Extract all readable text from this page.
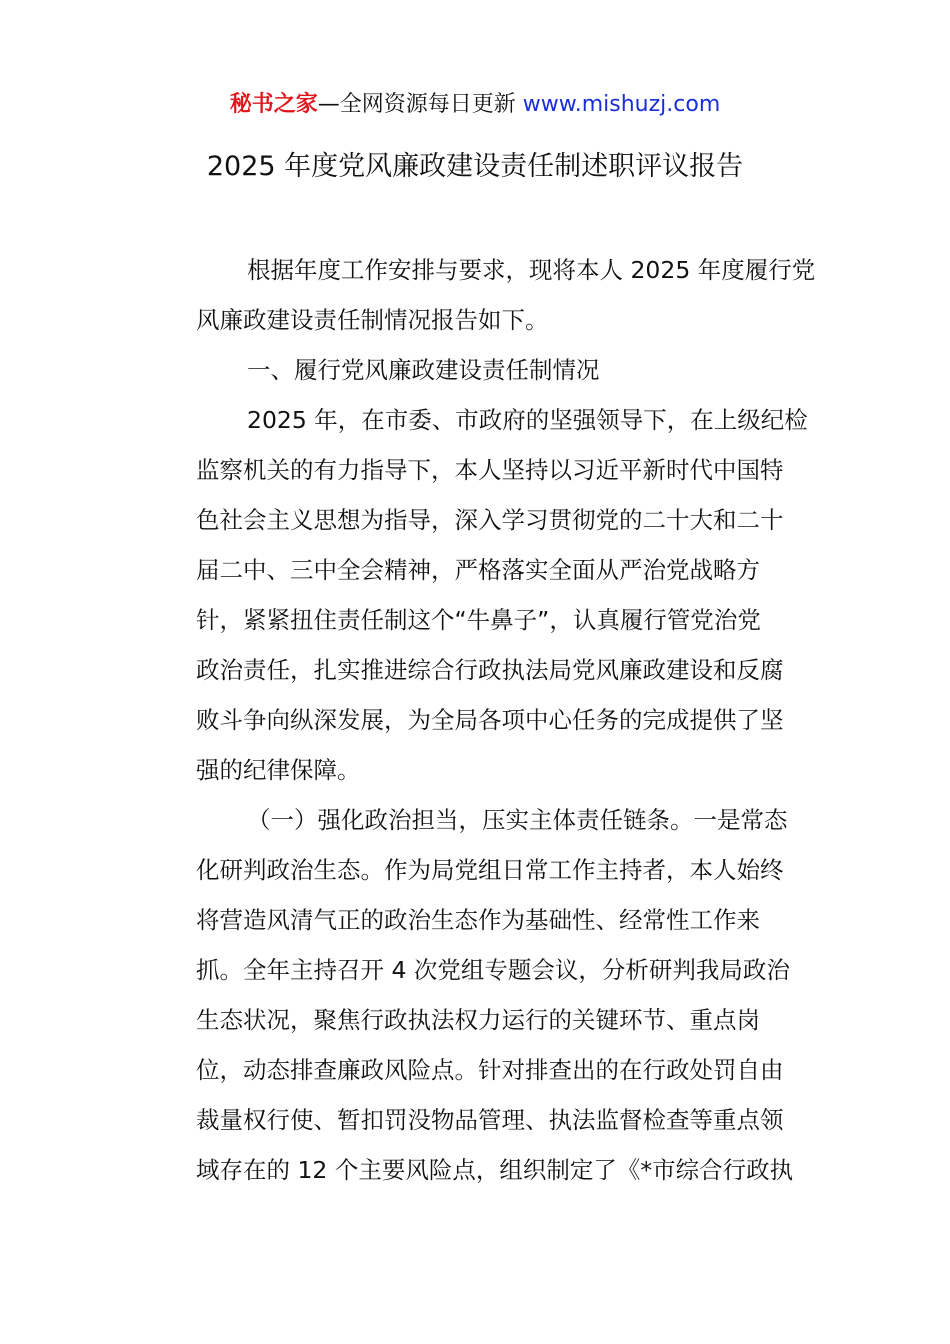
秘书之家—全网资源每日更新 www.mishuzj.com
2025 年度党风廉政建设责任制述职评议报告
根据年度工作安排与要求，现将本人 2025 年度履行党
风廉政建设责任制情况报告如下。
一、履行党风廉政建设责任制情况
2025 年，在市委、市政府的坚强领导下，在上级纪检
监察机关的有力指导下，本人坚持以习近平新时代中国特
色社会主义思想为指导，深入学习贯彻党的二十大和二十
届二中、三中全会精神，严格落实全面从严治党战略方
针，紧紧扭住责任制这个“牛鼻子”，认真履行管党治党
政治责任，扎实推进综合行政执法局党风廉政建设和反腐
败斗争向纵深发展，为全局各项中心任务的完成提供了坚
强的纪律保障。
（一）强化政治担当，压实主体责任链条。一是常态
化研判政治生态。作为局党组日常工作主持者，本人始终
将营造风清气正的政治生态作为基础性、经常性工作来
抓。全年主持召开 4 次党组专题会议，分析研判我局政治
生态状况，聚焦行政执法权力运行的关键环节、重点岗
位，动态排查廉政风险点。针对排查出的在行政处罚自由
裁量权行使、暂扣罚没物品管理、执法监督检查等重点领
域存在的 12 个主要风险点，组织制定了《*市综合行政执
